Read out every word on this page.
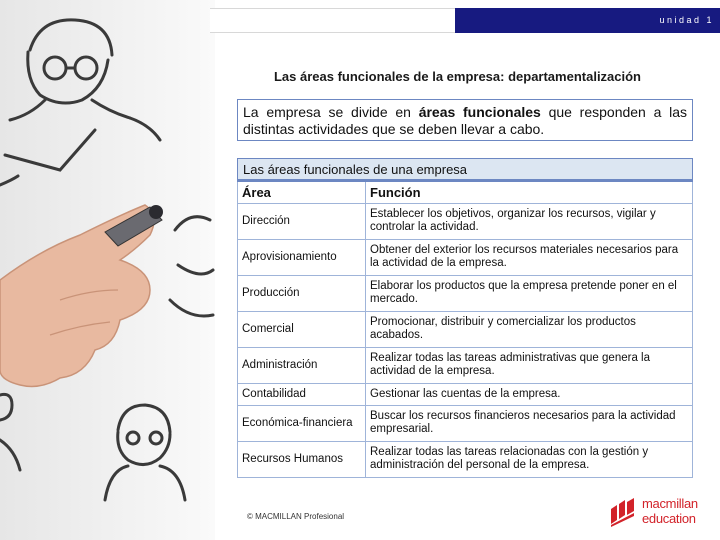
unidad 1
Las áreas funcionales de la empresa: departamentalización
La empresa se divide en áreas funcionales que responden a las distintas actividades que se deben llevar a cabo.
Las áreas funcionales de una empresa
Área	Función
Dirección	Establecer los objetivos, organizar los recursos, vigilar y controlar la actividad.
Aprovisionamiento	Obtener del exterior los recursos materiales necesarios para la actividad de la empresa.
Producción	Elaborar los productos que la empresa pretende poner en el mercado.
Comercial	Promocionar, distribuir y comercializar los productos acabados.
Administración	Realizar todas las tareas administrativas que genera la actividad de la empresa.
Contabilidad	Gestionar las cuentas de la empresa.
Económica-financiera	Buscar los recursos financieros necesarios para la actividad empresarial.
Recursos Humanos	Realizar todas las tareas relacionadas con la gestión y administración del personal de la empresa.
© MACMILLAN Profesional
macmillan
education
